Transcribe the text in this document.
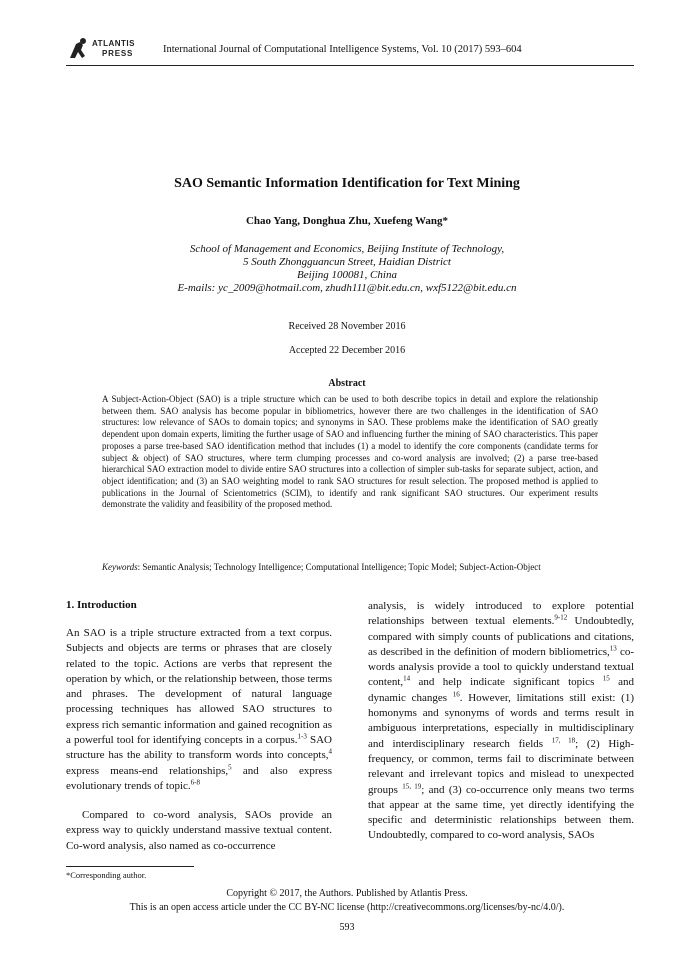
ATLANTIS
PRESS	International Journal of Computational Intelligence Systems, Vol. 10 (2017) 593–604
SAO Semantic Information Identification for Text Mining
Chao Yang, Donghua Zhu, Xuefeng Wang*
School of Management and Economics, Beijing Institute of Technology,
5 South Zhongguancun Street, Haidian District
Beijing 100081, China
E-mails: yc_2009@hotmail.com, zhudh111@bit.edu.cn, wxf5122@bit.edu.cn
Received 28 November 2016
Accepted 22 December 2016
Abstract
A Subject-Action-Object (SAO) is a triple structure which can be used to both describe topics in detail and explore the relationship between them. SAO analysis has become popular in bibliometrics, however there are two challenges in the identification of SAO structures: low relevance of SAOs to domain topics; and synonyms in SAO. These problems make the identification of SAO greatly dependent upon domain experts, limiting the further usage of SAO and influencing further the mining of SAO characteristics. This paper proposes a parse tree-based SAO identification method that includes (1) a model to identify the core components (candidate terms for subject & object) of SAO structures, where term clumping processes and co-word analysis are involved; (2) a parse tree-based hierarchical SAO extraction model to divide entire SAO structures into a collection of simpler sub-tasks for separate subject, action, and object identification; and (3) an SAO weighting model to rank SAO structures for result selection. The proposed method is applied to publications in the Journal of Scientometrics (SCIM), to identify and rank significant SAO structures. Our experiment results demonstrate the validity and feasibility of the proposed method.
Keywords: Semantic Analysis; Technology Intelligence; Computational Intelligence; Topic Model; Subject-Action-Object
1. Introduction
An SAO is a triple structure extracted from a text corpus. Subjects and objects are terms or phrases that are closely related to the topic. Actions are verbs that represent the operation by which, or the relationship between, those terms and phrases. The development of natural language processing techniques has allowed SAO structures to express rich semantic information and gained recognition as a powerful tool for identifying concepts in a corpus.$^{1-3}$ SAO structure has the ability to transform words into concepts,$^4$ express means-end relationships,$^5$ and also express evolutionary trends of topic.$^{6-8}$
Compared to co-word analysis, SAOs provide an express way to quickly understand massive textual content. Co-word analysis, also named as co-occurrence
analysis, is widely introduced to explore potential relationships between textual elements.$^{9-12}$ Undoubtedly, compared with simply counts of publications and citations, as described in the definition of modern bibliometrics,$^{13}$ co-words analysis provide a tool to quickly understand textual content,$^{14}$ and help indicate significant topics $^{15}$ and dynamic changes $^{16}$. However, limitations still exist: (1) homonyms and synonyms of words and terms result in ambiguous interpretations, especially in multidisciplinary and interdisciplinary research fields $^{17, 18}$; (2) High-frequency, or common, terms fail to discriminate between relevant and irrelevant topics and mislead to unexpected groups $^{15, 19}$; and (3) co-occurrence only means two terms that appear at the same time, yet directly identifying the specific and deterministic relationships between them. Undoubtedly, compared to co-word analysis, SAOs
*Corresponding author.
Copyright © 2017, the Authors. Published by Atlantis Press.
This is an open access article under the CC BY-NC license (http://creativecommons.org/licenses/by-nc/4.0/).
593
